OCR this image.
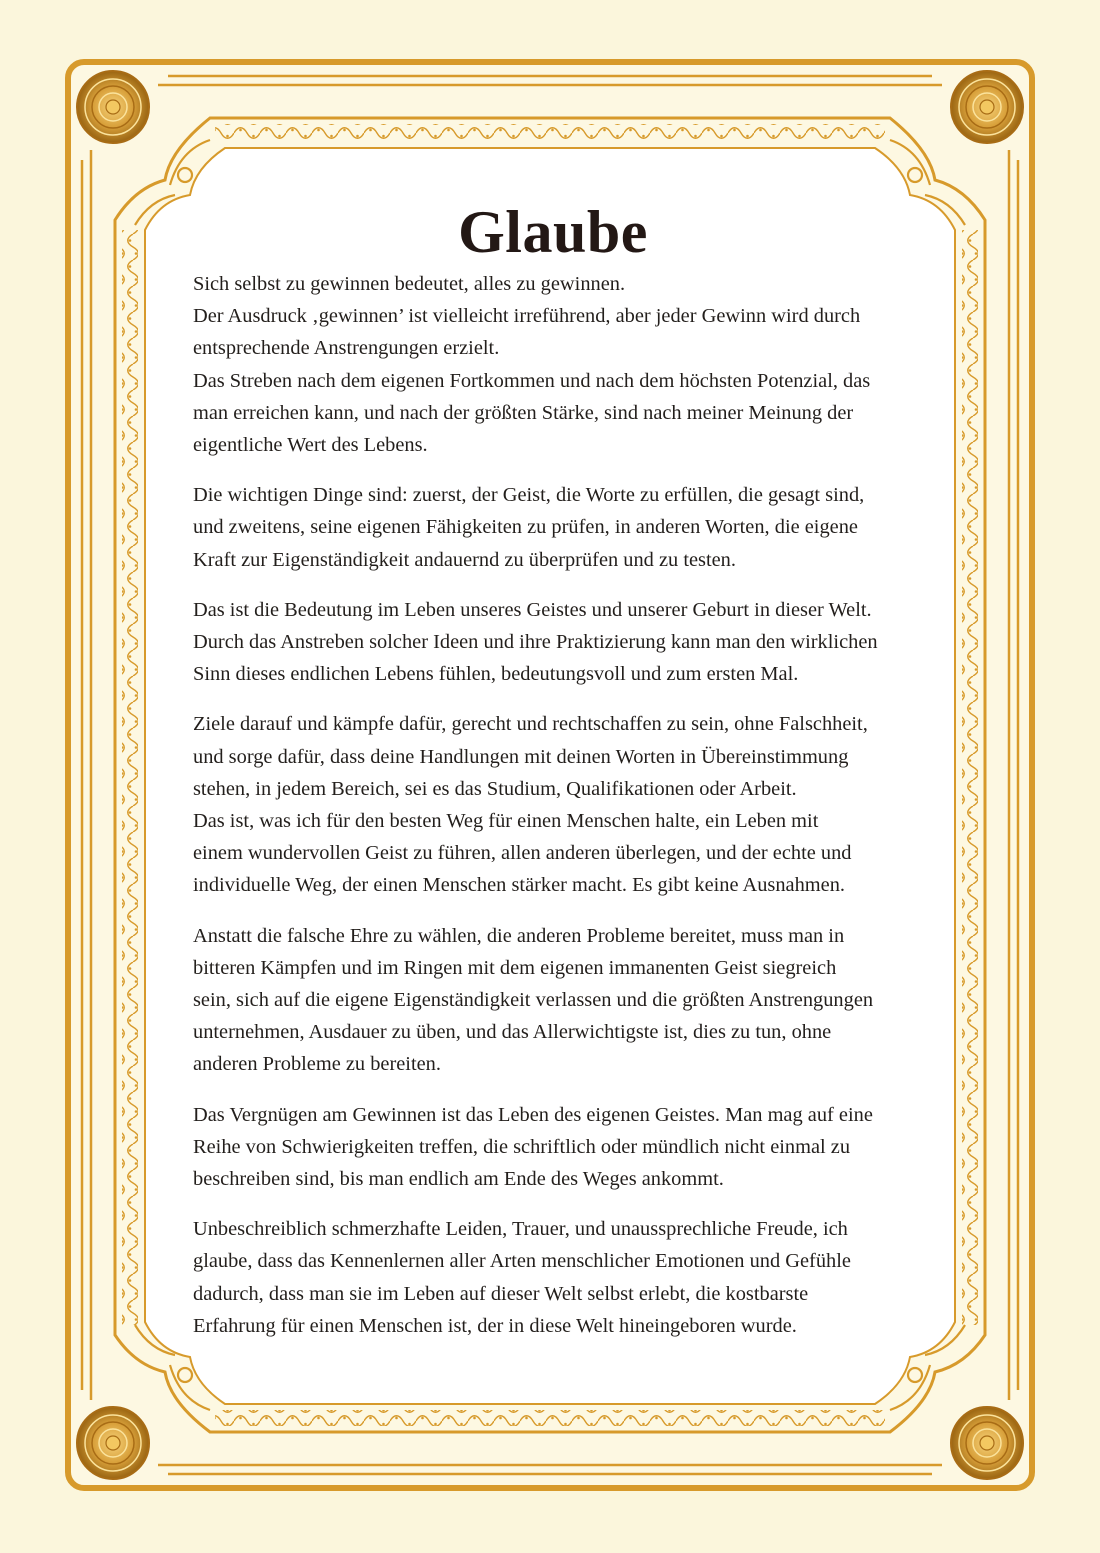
Glaube

Sich selbst zu gewinnen bedeutet, alles zu gewinnen.
Der Ausdruck ‚gewinnen’ ist vielleicht irreführend, aber jeder Gewinn wird durch
entsprechende Anstrengungen erzielt.
Das Streben nach dem eigenen Fortkommen und nach dem höchsten Potenzial, das
man erreichen kann, und nach der größten Stärke, sind nach meiner Meinung der
eigentliche Wert des Lebens.

Die wichtigen Dinge sind: zuerst, der Geist, die Worte zu erfüllen, die gesagt sind,
und zweitens, seine eigenen Fähigkeiten zu prüfen, in anderen Worten, die eigene
Kraft zur Eigenständigkeit andauernd zu überprüfen und zu testen.

Das ist die Bedeutung im Leben unseres Geistes und unserer Geburt in dieser Welt.
Durch das Anstreben solcher Ideen und ihre Praktizierung kann man den wirklichen
Sinn dieses endlichen Lebens fühlen, bedeutungsvoll und zum ersten Mal.

Ziele darauf und kämpfe dafür, gerecht und rechtschaffen zu sein, ohne Falschheit,
und sorge dafür, dass deine Handlungen mit deinen Worten in Übereinstimmung
stehen, in jedem Bereich, sei es das Studium, Qualifikationen oder Arbeit.
Das ist, was ich für den besten Weg für einen Menschen halte, ein Leben mit
einem wundervollen Geist zu führen, allen anderen überlegen, und der echte und
individuelle Weg, der einen Menschen stärker macht. Es gibt keine Ausnahmen.

Anstatt die falsche Ehre zu wählen, die anderen Probleme bereitet, muss man in
bitteren Kämpfen und im Ringen mit dem eigenen immanenten Geist siegreich
sein, sich auf die eigene Eigenständigkeit verlassen und die größten Anstrengungen
unternehmen, Ausdauer zu üben, und das Allerwichtigste ist, dies zu tun, ohne
anderen Probleme zu bereiten.

Das Vergnügen am Gewinnen ist das Leben des eigenen Geistes. Man mag auf eine
Reihe von Schwierigkeiten treffen, die schriftlich oder mündlich nicht einmal zu
beschreiben sind, bis man endlich am Ende des Weges ankommt.

Unbeschreiblich schmerzhafte Leiden, Trauer, und unaussprechliche Freude, ich
glaube, dass das Kennenlernen aller Arten menschlicher Emotionen und Gefühle
dadurch, dass man sie im Leben auf dieser Welt selbst erlebt, die kostbarste
Erfahrung für einen Menschen ist, der in diese Welt hineingeboren wurde.
